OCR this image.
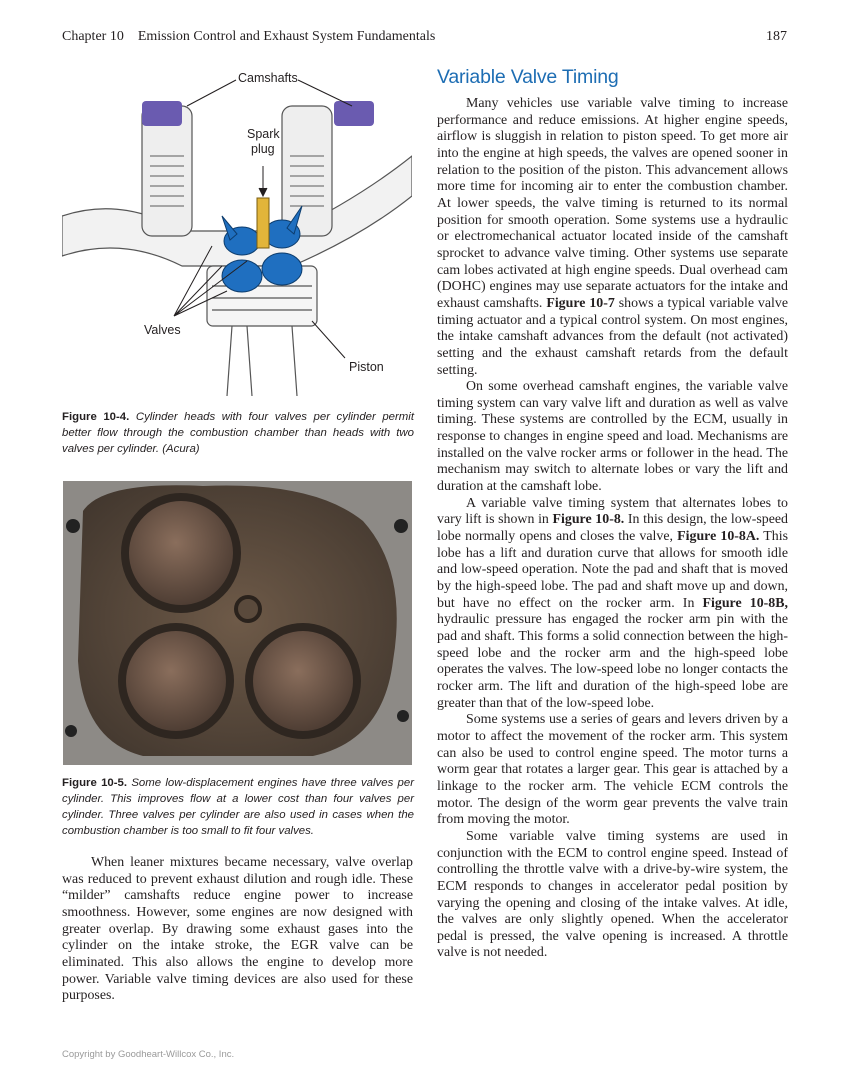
Chapter 10    Emission Control and Exhaust System Fundamentals	187
Camshafts
Spark
plug
Valves
Piston
Figure 10-4. Cylinder heads with four valves per cylinder permit better flow through the combustion chamber than heads with two valves per cylinder. (Acura)
Figure 10-5. Some low-displacement engines have three valves per cylinder. This improves flow at a lower cost than four valves per cylinder. Three valves per cylinder are also used in cases when the combustion chamber is too small to fit four valves.

When leaner mixtures became necessary, valve overlap was reduced to prevent exhaust dilution and rough idle. These “milder” camshafts reduce engine power to increase smoothness. However, some engines are now designed with greater overlap. By drawing some exhaust gases into the cylinder on the intake stroke, the EGR valve can be eliminated. This also allows the engine to develop more power. Variable valve timing devices are also used for these purposes.

Variable Valve Timing

Many vehicles use variable valve timing to increase performance and reduce emissions. At higher engine speeds, airflow is sluggish in relation to piston speed. To get more air into the engine at high speeds, the valves are opened sooner in relation to the position of the piston. This advancement allows more time for incoming air to enter the combustion chamber. At lower speeds, the valve timing is returned to its normal position for smooth operation. Some systems use a hydraulic or electromechanical actuator located inside of the camshaft sprocket to advance valve timing. Other systems use separate cam lobes activated at high engine speeds. Dual overhead cam (DOHC) engines may use separate actuators for the intake and exhaust camshafts. Figure 10-7 shows a typical variable valve timing actuator and a typical control system. On most engines, the intake camshaft advances from the default (not activated) setting and the exhaust camshaft retards from the default setting.

On some overhead camshaft engines, the variable valve timing system can vary valve lift and duration as well as valve timing. These systems are controlled by the ECM, usually in response to changes in engine speed and load. Mechanisms are installed on the valve rocker arms or follower in the head. The mechanism may switch to alternate lobes or vary the lift and duration at the camshaft lobe.

A variable valve timing system that alternates lobes to vary lift is shown in Figure 10-8. In this design, the low-speed lobe normally opens and closes the valve, Figure 10-8A. This lobe has a lift and duration curve that allows for smooth idle and low-speed operation. Note the pad and shaft that is moved by the high-speed lobe. The pad and shaft move up and down, but have no effect on the rocker arm. In Figure 10-8B, hydraulic pressure has engaged the rocker arm pin with the pad and shaft. This forms a solid connection between the high-speed lobe and the rocker arm and the high-speed lobe operates the valves. The low-speed lobe no longer contacts the rocker arm. The lift and duration of the high-speed lobe are greater than that of the low-speed lobe.

Some systems use a series of gears and levers driven by a motor to affect the movement of the rocker arm. This system can also be used to control engine speed. The motor turns a worm gear that rotates a larger gear. This gear is attached by a linkage to the rocker arm. The vehicle ECM controls the motor. The design of the worm gear prevents the valve train from moving the motor.

Some variable valve timing systems are used in conjunction with the ECM to control engine speed. Instead of controlling the throttle valve with a drive-by-wire system, the ECM responds to changes in accelerator pedal position by varying the opening and closing of the intake valves. At idle, the valves are only slightly opened. When the accelerator pedal is pressed, the valve opening is increased. A throttle valve is not needed.

Copyright by Goodheart-Willcox Co., Inc.
